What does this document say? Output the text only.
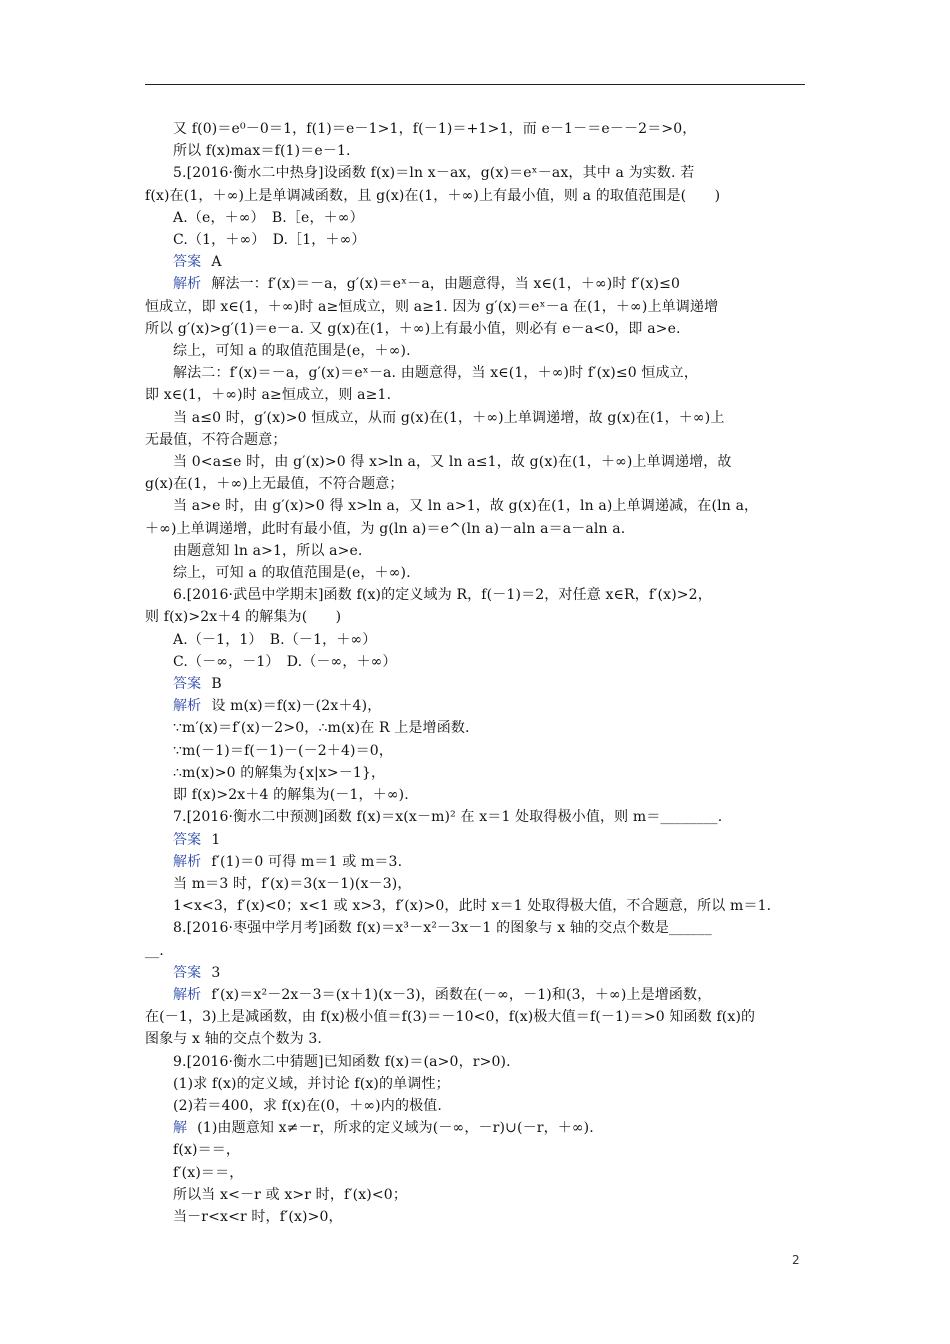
又 f(0)＝e⁰－0＝1，f(1)＝e－1>1，f(－1)＝+1>1，而 e－1－＝e－－2＝>0，
所以 f(x)max＝f(1)＝e－1.
5.[2016·衡水二中热身]设函数 f(x)＝ln x－ax，g(x)＝eˣ－ax，其中 a 为实数. 若
f(x)在(1，＋∞)上是单调减函数，且 g(x)在(1，＋∞)上有最小值，则 a 的取值范围是(　　)
A.（e，＋∞）　B.［e，＋∞）
C.（1，＋∞）　D.［1，＋∞）
答案 A
解析 解法一：f′(x)＝－a，g′(x)＝eˣ－a，由题意得，当 x∈(1，＋∞)时 f′(x)≤0
恒成立，即 x∈(1，＋∞)时 a≥恒成立，则 a≥1. 因为 g′(x)＝eˣ－a 在(1，＋∞)上单调递增
所以 g′(x)>g′(1)＝e－a. 又 g(x)在(1，＋∞)上有最小值，则必有 e－a<0，即 a>e.
综上，可知 a 的取值范围是(e，＋∞).
解法二：f′(x)＝－a，g′(x)＝eˣ－a. 由题意得，当 x∈(1，＋∞)时 f′(x)≤0 恒成立，
即 x∈(1，＋∞)时 a≥恒成立，则 a≥1.
当 a≤0 时，g′(x)>0 恒成立，从而 g(x)在(1，＋∞)上单调递增，故 g(x)在(1，＋∞)上
无最值，不符合题意；
当 0<a≤e 时，由 g′(x)>0 得 x>ln a，又 ln a≤1，故 g(x)在(1，＋∞)上单调递增，故
g(x)在(1，＋∞)上无最值，不符合题意；
当 a>e 时，由 g′(x)>0 得 x>ln a，又 ln a>1，故 g(x)在(1，ln a)上单调递减，在(ln a，
＋∞)上单调递增，此时有最小值，为 g(ln a)＝e^(ln a)－aln a＝a－aln a.
由题意知 ln a>1，所以 a>e.
综上，可知 a 的取值范围是(e，＋∞).
6.[2016·武邑中学期末]函数 f(x)的定义域为 R，f(－1)＝2，对任意 x∈R，f′(x)>2，
则 f(x)>2x＋4 的解集为(　　)
A.（－1，1）　B.（－1，＋∞）
C.（－∞，－1）　D.（－∞，＋∞）
答案 B
解析 设 m(x)＝f(x)－(2x＋4)，
∵m′(x)＝f′(x)－2>0，∴m(x)在 R 上是增函数.
∵m(－1)＝f(－1)－(－2＋4)＝0，
∴m(x)>0 的解集为{x|x>－1}，
即 f(x)>2x＋4 的解集为(－1，＋∞).
7.[2016·衡水二中预测]函数 f(x)＝x(x－m)² 在 x＝1 处取得极小值，则 m＝________.
答案 1
解析 f′(1)＝0 可得 m＝1 或 m＝3.
当 m＝3 时，f′(x)＝3(x－1)(x－3)，
1<x<3，f′(x)<0；x<1 或 x>3，f′(x)>0，此时 x＝1 处取得极大值，不合题意，所以 m＝1.
8.[2016·枣强中学月考]函数 f(x)＝x³－x²－3x－1 的图象与 x 轴的交点个数是______
__.
答案 3
解析 f′(x)＝x²－2x－3＝(x＋1)(x－3)，函数在(－∞，－1)和(3，＋∞)上是增函数，
在(－1，3)上是减函数，由 f(x)极小值＝f(3)＝－10<0，f(x)极大值＝f(－1)＝>0 知函数 f(x)的
图象与 x 轴的交点个数为 3.
9.[2016·衡水二中猜题]已知函数 f(x)＝(a>0，r>0).
(1)求 f(x)的定义域，并讨论 f(x)的单调性；
(2)若＝400，求 f(x)在(0，＋∞)内的极值.
解 (1)由题意知 x≠－r，所求的定义域为(－∞，－r)∪(－r，＋∞).
f(x)＝＝，
f′(x)＝＝，
所以当 x<－r 或 x>r 时，f′(x)<0；
当－r<x<r 时，f′(x)>0，
2
